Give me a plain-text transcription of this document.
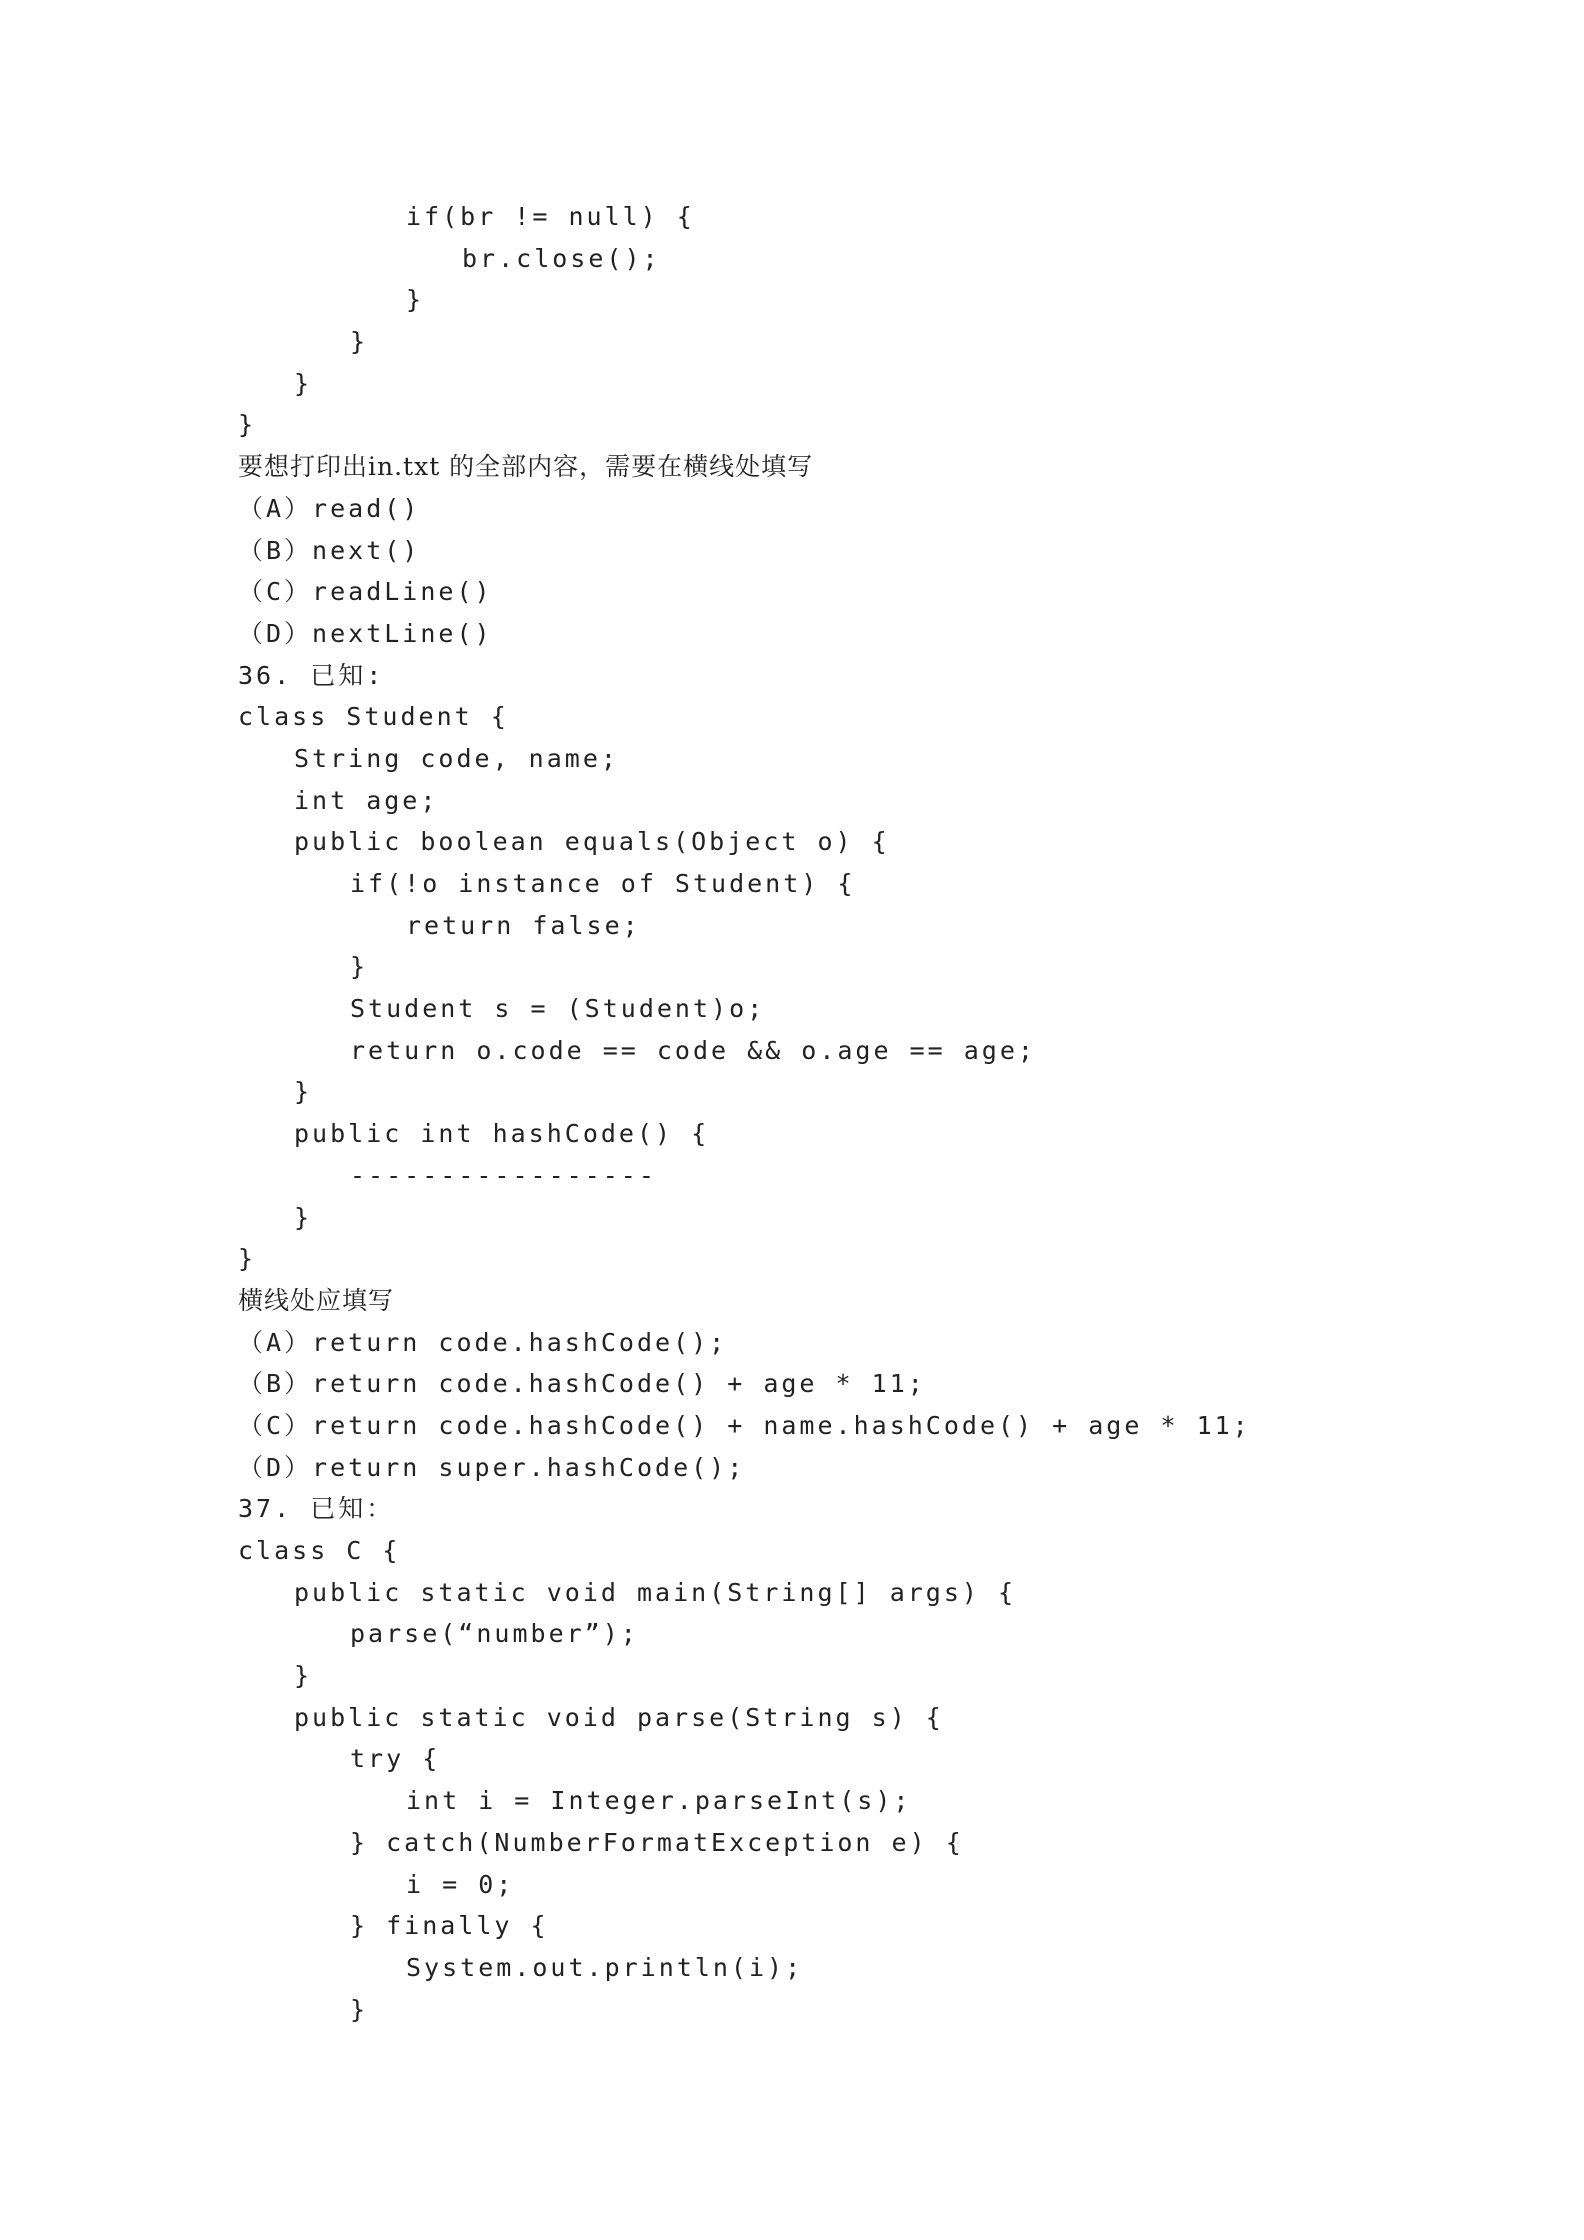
if(br != null) {
br.close();
}
}
}
}
要想打印出in.txt 的全部内容，需要在横线处填写
（A）read()
（B）next()
（C）readLine()
（D）nextLine()
36. 已知:
class Student {
String code, name;
int age;
public boolean equals(Object o) {
if(!o instance of Student) {
return false;
}
Student s = (Student)o;
return o.code == code && o.age == age;
}
public int hashCode() {
-----------------
}
}
横线处应填写
（A）return code.hashCode();
（B）return code.hashCode() + age * 11;
（C）return code.hashCode() + name.hashCode() + age * 11;
（D）return super.hashCode();
37. 已知：
class C {
public static void main(String[] args) {
parse(“number”);
}
public static void parse(String s) {
try {
int i = Integer.parseInt(s);
} catch(NumberFormatException e) {
i = 0;
} finally {
System.out.println(i);
}
